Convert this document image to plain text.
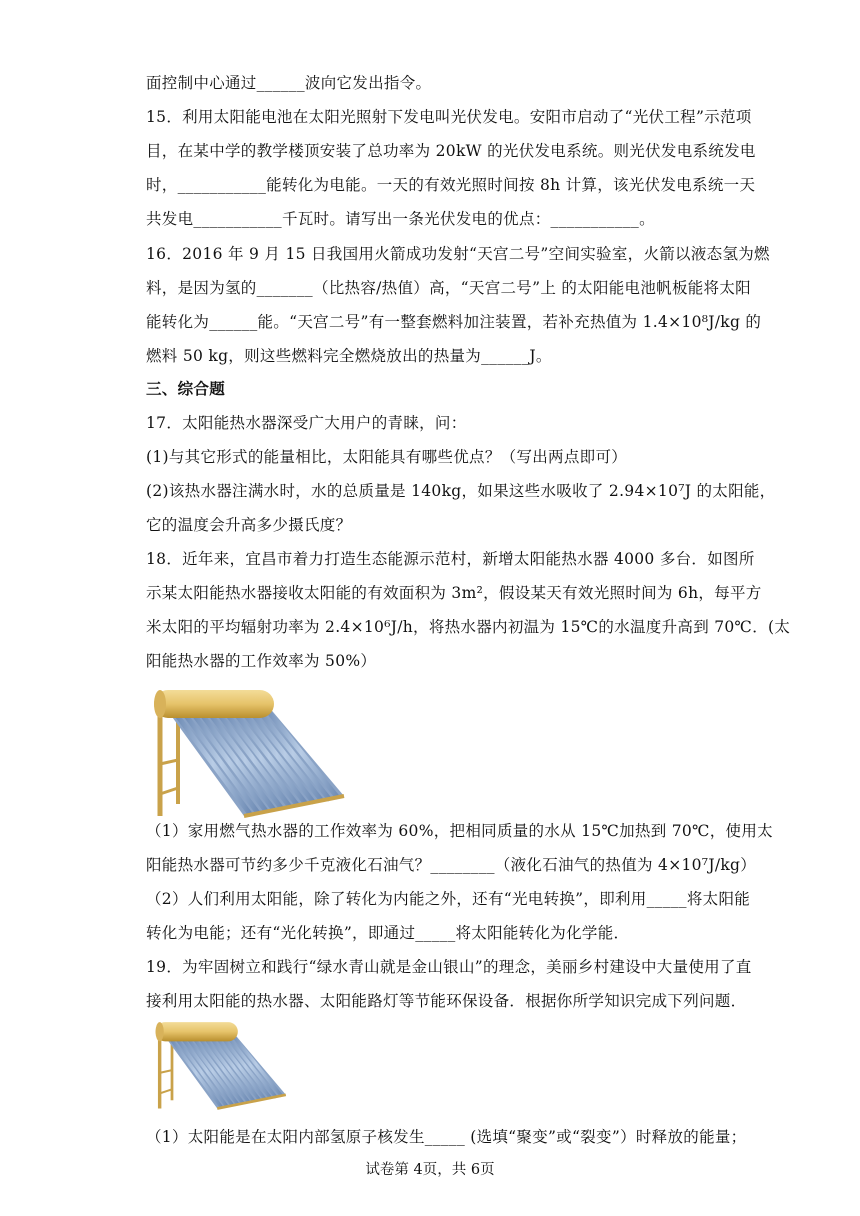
面控制中心通过______波向它发出指令。
15．利用太阳能电池在太阳光照射下发电叫光伏发电。安阳市启动了“光伏工程”示范项
目，在某中学的教学楼顶安装了总功率为 20kW 的光伏发电系统。则光伏发电系统发电
时，___________能转化为电能。一天的有效光照时间按 8h 计算，该光伏发电系统一天
共发电___________千瓦时。请写出一条光伏发电的优点：___________。
16．2016 年 9 月 15 日我国用火箭成功发射“天宫二号”空间实验室，火箭以液态氢为燃
料，是因为氢的_______（比热容/热值）高，“天宫二号”上 的太阳能电池帆板能将太阳
能转化为______能。“天宫二号”有一整套燃料加注装置，若补充热值为 1.4×10⁸J/kg 的
燃料 50 kg，则这些燃料完全燃烧放出的热量为______J。
三、综合题
17．太阳能热水器深受广大用户的青睐，问：
(1)与其它形式的能量相比，太阳能具有哪些优点？（写出两点即可）
(2)该热水器注满水时，水的总质量是 140kg，如果这些水吸收了 2.94×10⁷J 的太阳能，
它的温度会升高多少摄氏度？
18．近年来，宜昌市着力打造生态能源示范村，新增太阳能热水器 4000 多台．如图所
示某太阳能热水器接收太阳能的有效面积为 3m²，假设某天有效光照时间为 6h，每平方
米太阳的平均辐射功率为 2.4×10⁶J/h，将热水器内初温为 15℃的水温度升高到 70℃．(太
阳能热水器的工作效率为 50%）
（1）家用燃气热水器的工作效率为 60%，把相同质量的水从 15℃加热到 70℃，使用太
阳能热水器可节约多少千克液化石油气？________（液化石油气的热值为 4×10⁷J/kg）
（2）人们利用太阳能，除了转化为内能之外，还有“光电转换”，即利用_____将太阳能
转化为电能；还有“光化转换”，即通过_____将太阳能转化为化学能．
19．为牢固树立和践行“绿水青山就是金山银山”的理念，美丽乡村建设中大量使用了直
接利用太阳能的热水器、太阳能路灯等节能环保设备．根据你所学知识完成下列问题．
（1）太阳能是在太阳内部氢原子核发生_____ (选填“聚变”或“裂变”）时释放的能量；
试卷第 4页，共 6页
